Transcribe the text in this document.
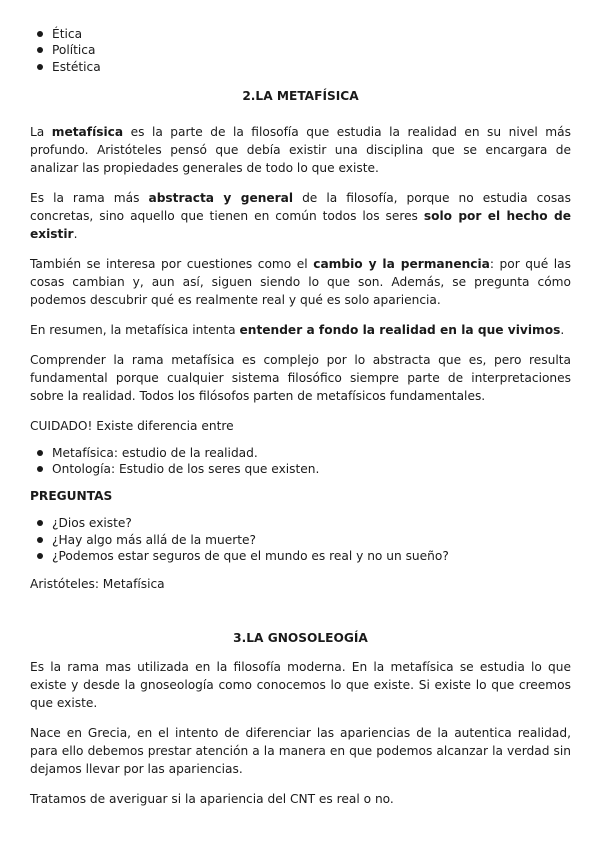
Ética
Política
Estética
2.LA METAFÍSICA

La metafísica es la parte de la filosofía que estudia la realidad en su nivel más profundo. Aristóteles pensó que debía existir una disciplina que se encargara de analizar las propiedades generales de todo lo que existe.

Es la rama más abstracta y general de la filosofía, porque no estudia cosas concretas, sino aquello que tienen en común todos los seres solo por el hecho de existir.

También se interesa por cuestiones como el cambio y la permanencia: por qué las cosas cambian y, aun así, siguen siendo lo que son. Además, se pregunta cómo podemos descubrir qué es realmente real y qué es solo apariencia.

En resumen, la metafísica intenta entender a fondo la realidad en la que vivimos.

Comprender la rama metafísica es complejo por lo abstracta que es, pero resulta fundamental porque cualquier sistema filosófico siempre parte de interpretaciones sobre la realidad. Todos los filósofos parten de metafísicos fundamentales.

CUIDADO! Existe diferencia entre

Metafísica: estudio de la realidad.
Ontología: Estudio de los seres que existen.

PREGUNTAS

¿Dios existe?
¿Hay algo más allá de la muerte?
¿Podemos estar seguros de que el mundo es real y no un sueño?

Aristóteles: Metafísica

3.LA GNOSOLEOGÍA

Es la rama mas utilizada en la filosofía moderna. En la metafísica se estudia lo que existe y desde la gnoseología como conocemos lo que existe. Si existe lo que creemos que existe.

Nace en Grecia, en el intento de diferenciar las apariencias de la autentica realidad, para ello debemos prestar atención a la manera en que podemos alcanzar la verdad sin dejamos llevar por las apariencias.

Tratamos de averiguar si la apariencia del CNT es real o no.
